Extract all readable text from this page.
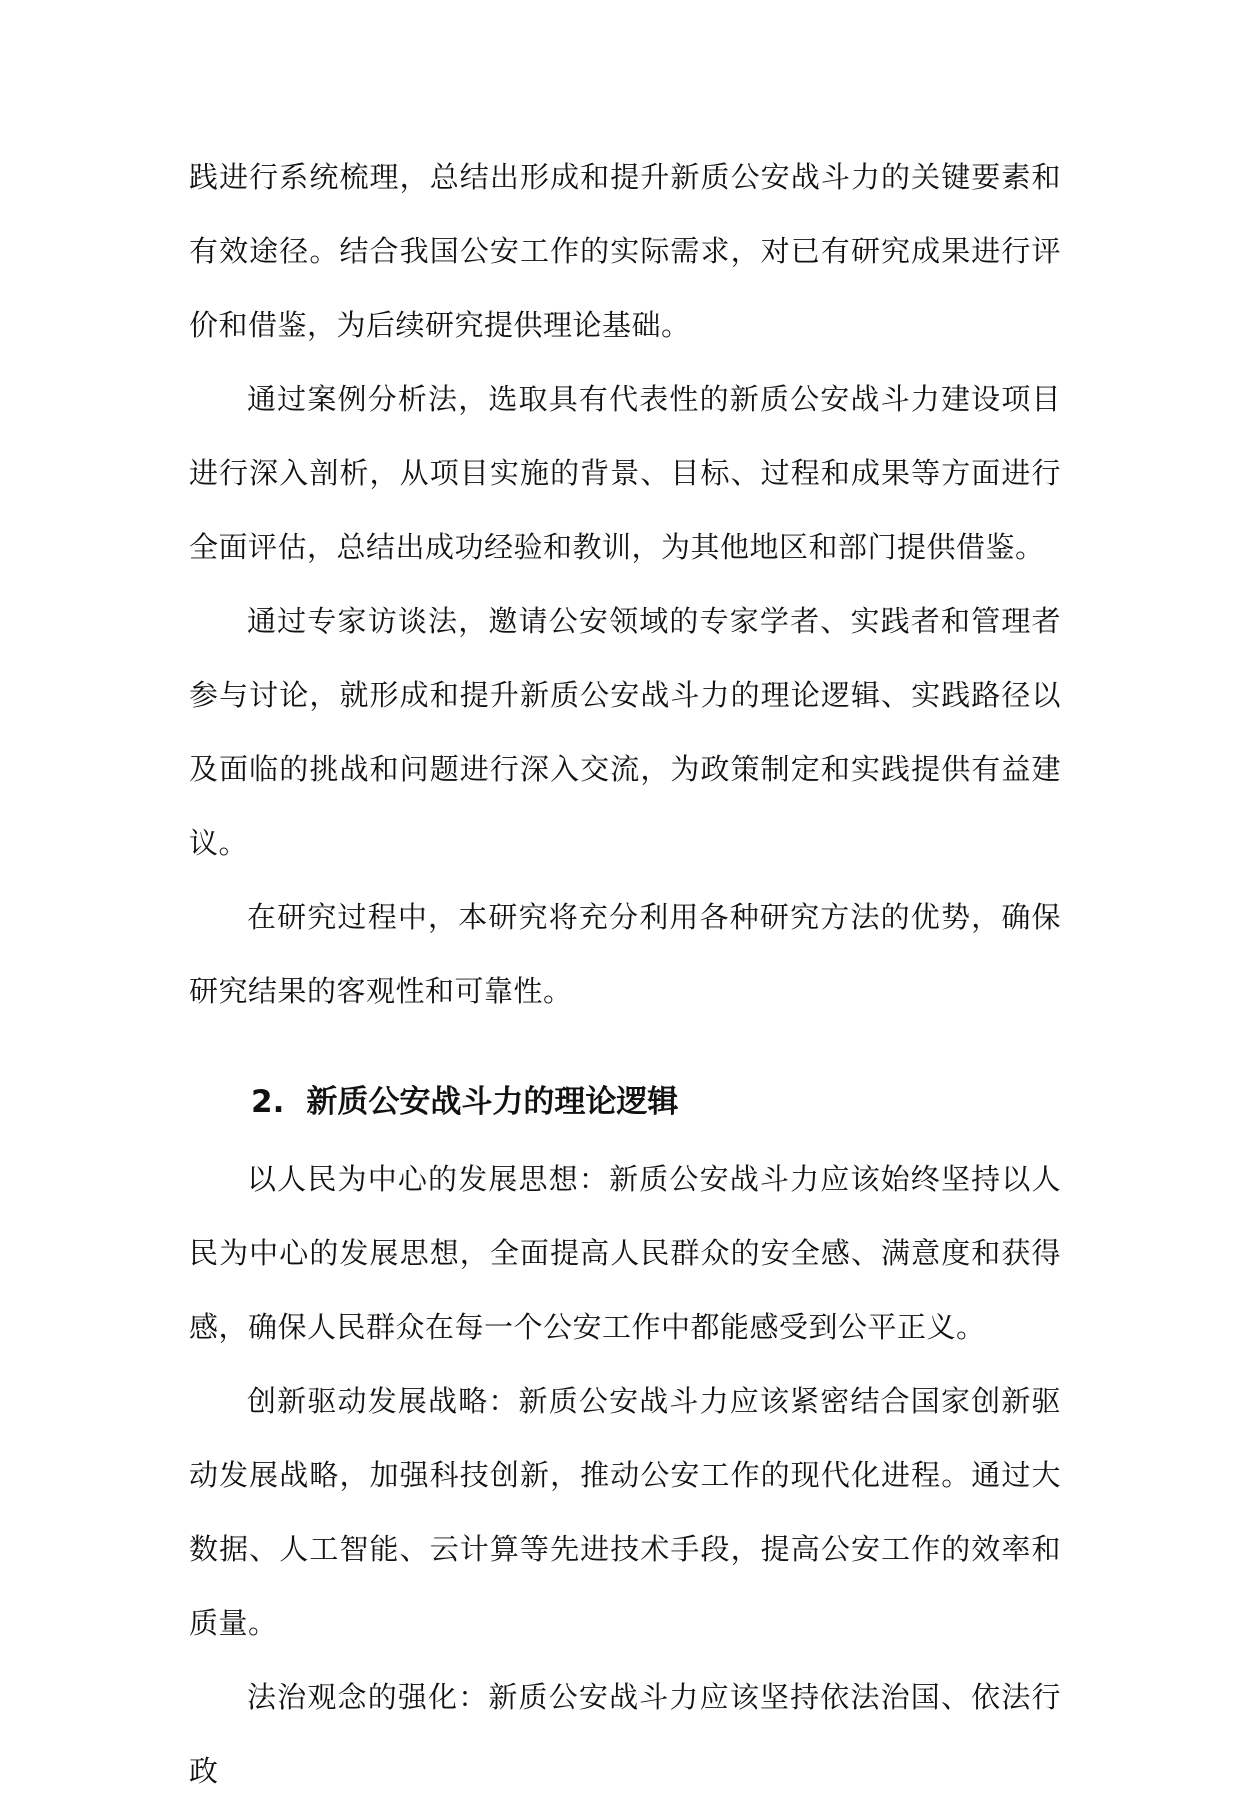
践进行系统梳理，总结出形成和提升新质公安战斗力的关键要素和有效途径。结合我国公安工作的实际需求，对已有研究成果进行评价和借鉴，为后续研究提供理论基础。

通过案例分析法，选取具有代表性的新质公安战斗力建设项目进行深入剖析，从项目实施的背景、目标、过程和成果等方面进行全面评估，总结出成功经验和教训，为其他地区和部门提供借鉴。

通过专家访谈法，邀请公安领域的专家学者、实践者和管理者参与讨论，就形成和提升新质公安战斗力的理论逻辑、实践路径以及面临的挑战和问题进行深入交流，为政策制定和实践提供有益建议。

在研究过程中，本研究将充分利用各种研究方法的优势，确保研究结果的客观性和可靠性。

2. 新质公安战斗力的理论逻辑

以人民为中心的发展思想：新质公安战斗力应该始终坚持以人民为中心的发展思想，全面提高人民群众的安全感、满意度和获得感，确保人民群众在每一个公安工作中都能感受到公平正义。

创新驱动发展战略：新质公安战斗力应该紧密结合国家创新驱动发展战略，加强科技创新，推动公安工作的现代化进程。通过大数据、人工智能、云计算等先进技术手段，提高公安工作的效率和质量。

法治观念的强化：新质公安战斗力应该坚持依法治国、依法行政
